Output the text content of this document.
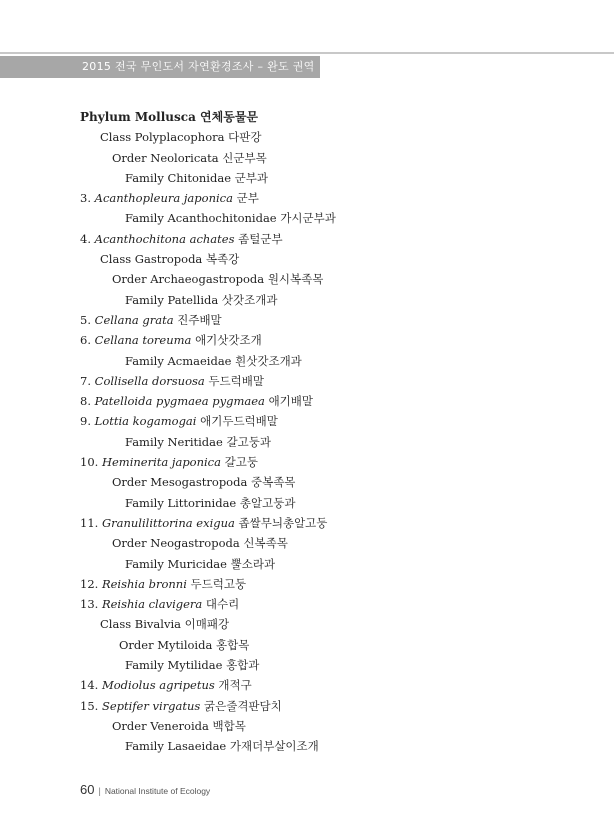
2015 전국 무인도서 자연환경조사 – 완도 권역
Phylum Mollusca 연체동물문
Class Polyplacophora 다판강
Order Neoloricata 신군부목
Family Chitonidae 군부과
3. Acanthopleura japonica 군부
Family Acanthochitonidae 가시군부과
4. Acanthochitona achates 좀털군부
Class Gastropoda 복족강
Order Archaeogastropoda 원시복족목
Family Patellida 삿갓조개과
5. Cellana grata 진주배말
6. Cellana toreuma 애기삿갓조개
Family Acmaeidae 흰삿갓조개과
7. Collisella dorsuosa 두드럭배말
8. Patelloida pygmaea pygmaea 애기배말
9. Lottia kogamogai 애기두드럭배말
Family Neritidae 갈고둥과
10. Heminerita japonica 갈고둥
Order Mesogastropoda 중복족목
Family Littorinidae 총알고둥과
11. Granulilittorina exigua 좁쌀무늬총알고둥
Order Neogastropoda 신복족목
Family Muricidae 뿔소라과
12. Reishia bronni 두드럭고둥
13. Reishia clavigera 대수리
Class Bivalvia 이매패강
Order Mytiloida 홍합목
Family Mytilidae 홍합과
14. Modiolus agripetus 개적구
15. Septifer virgatus 굵은줄격판담치
Order Veneroida 백합목
Family Lasaeidae 가재더부살이조개
60 | National Institute of Ecology
